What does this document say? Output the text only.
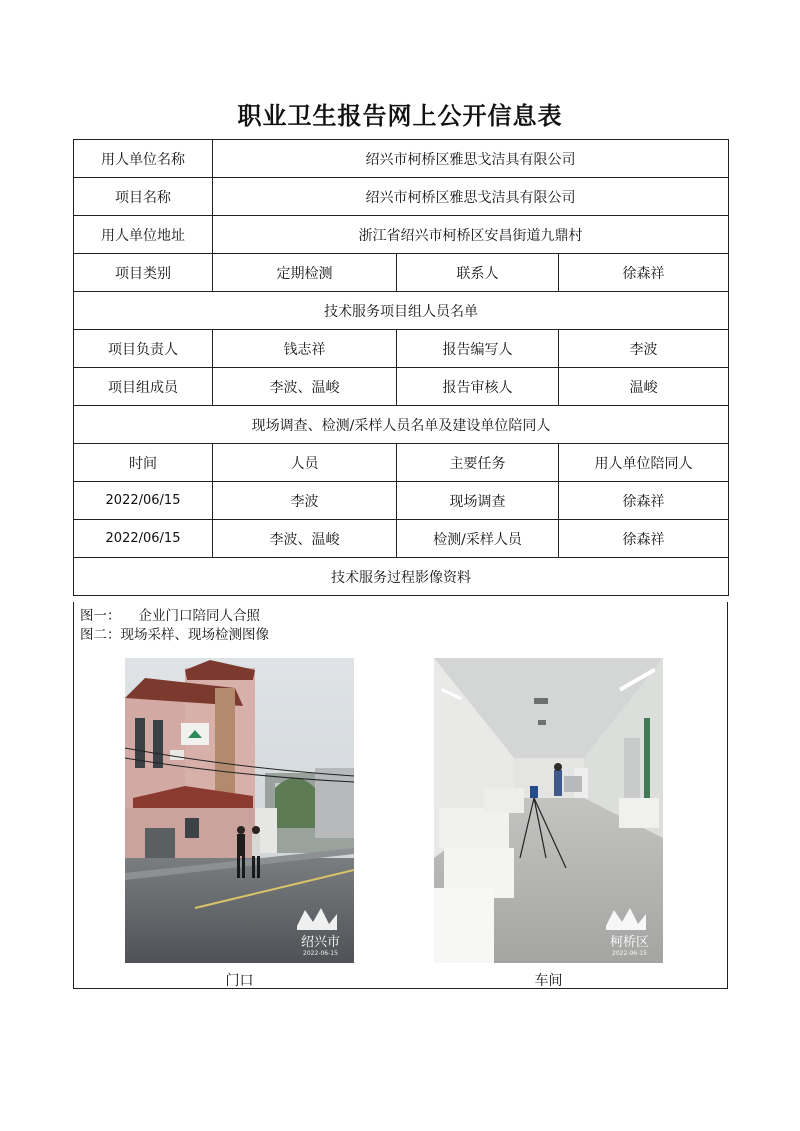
职业卫生报告网上公开信息表
用人单位名称	绍兴市柯桥区雅思戈洁具有限公司		
项目名称	绍兴市柯桥区雅思戈洁具有限公司		
用人单位地址	浙江省绍兴市柯桥区安昌街道九鼎村		
项目类别	定期检测	联系人	徐森祥
技术服务项目组人员名单			
项目负责人	钱志祥	报告编写人	李波
项目组成员	李波、温峻	报告审核人	温峻
现场调查、检测/采样人员名单及建设单位陪同人			
时间	人员	主要任务	用人单位陪同人
2022/06/15	李波	现场调查	徐森祥
2022/06/15	李波、温峻	检测/采样人员	徐森祥
技术服务过程影像资料			
图一： 企业门口陪同人合照
图二：现场采样、现场检测图像
绍兴市
2022-06-15
门口
柯桥区
2022-06-15
车间
